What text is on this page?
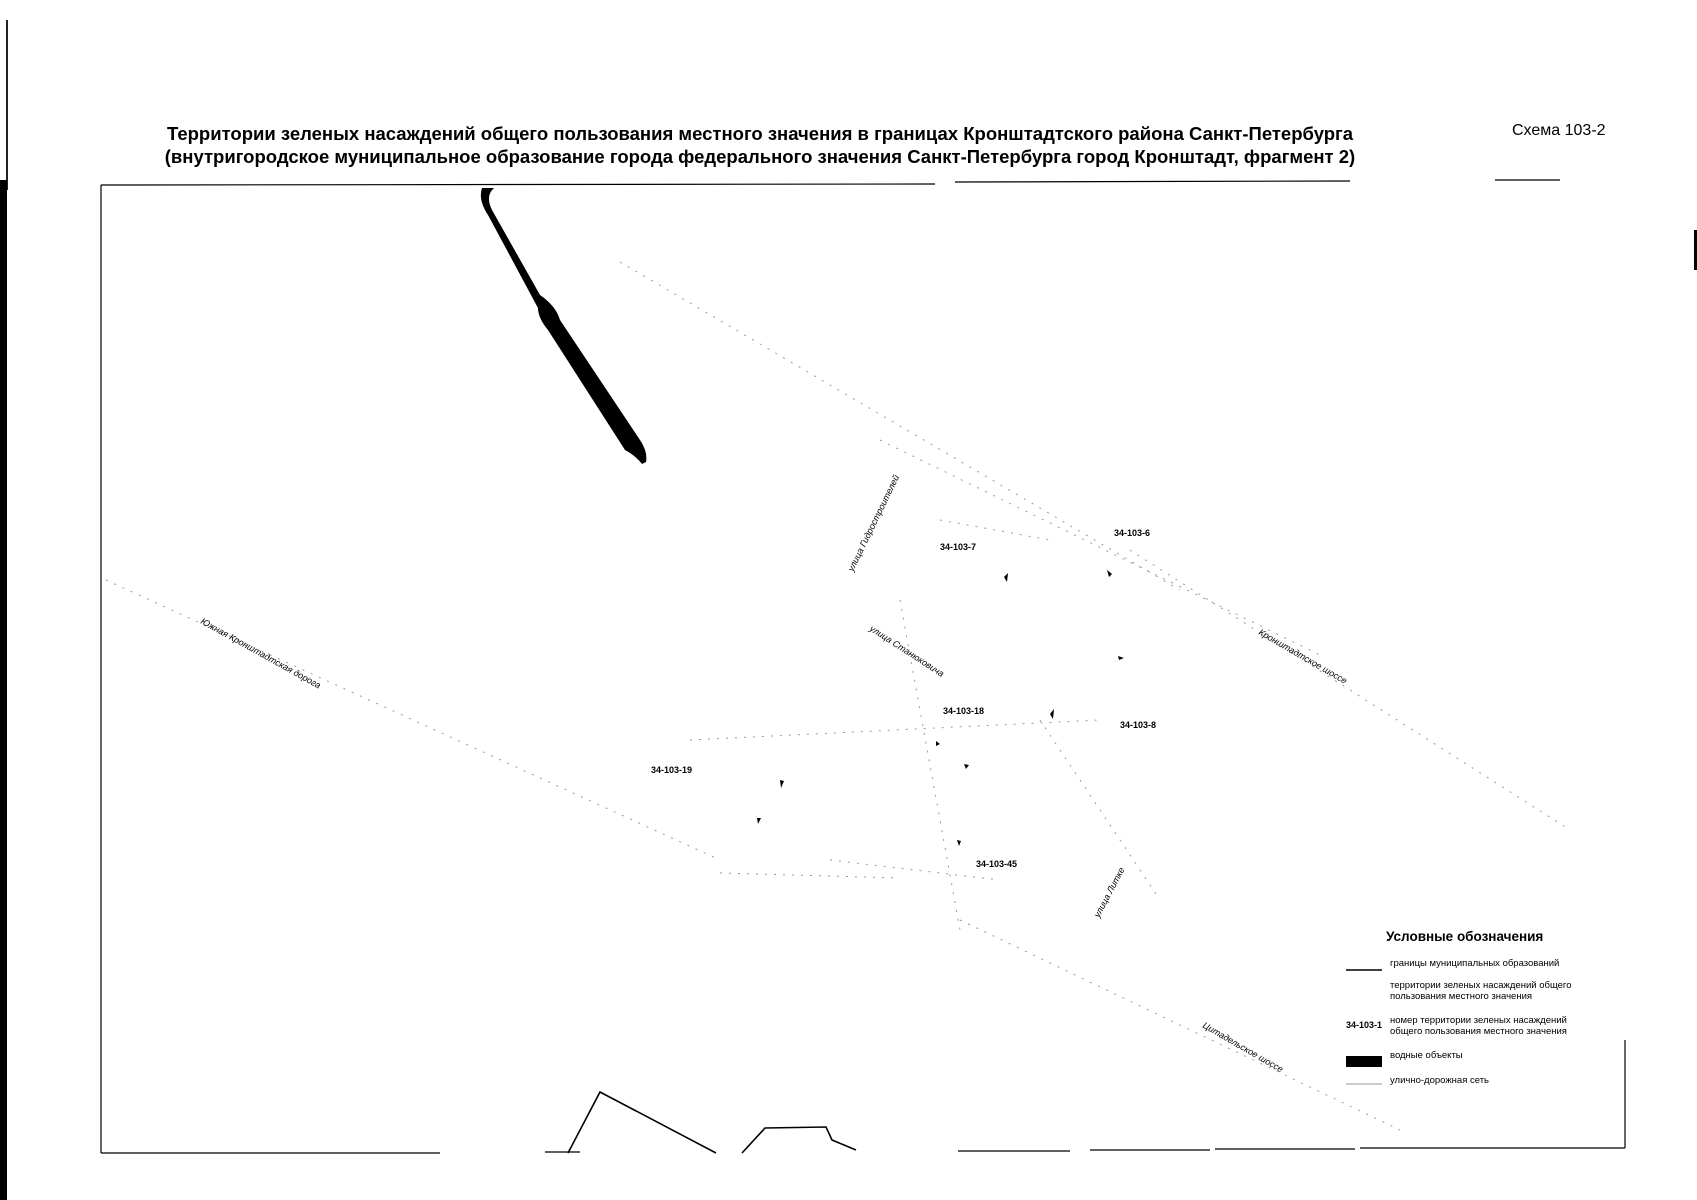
Территории зеленых насаждений общего пользования местного значения в границах Кронштадтского района Санкт-Петербурга
(внутригородское муниципальное образование города федерального значения Санкт-Петербурга город Кронштадт, фрагмент 2)
Схема 103-2
34-103-7
34-103-6
34-103-18
34-103-8
34-103-19
34-103-45
улица Гидростроителей
улица Станюковича
Южная Кронштадтская дорога	Кронштадтское шоссе
улица Литке
Цитадельское шоссе
Условные обозначения
границы муниципальных образований
территории зеленых насаждений общего
пользования местного значения
34-103-1 номер территории зеленых насаждений
общего пользования местного значения
водные объекты
улично-дорожная сеть
